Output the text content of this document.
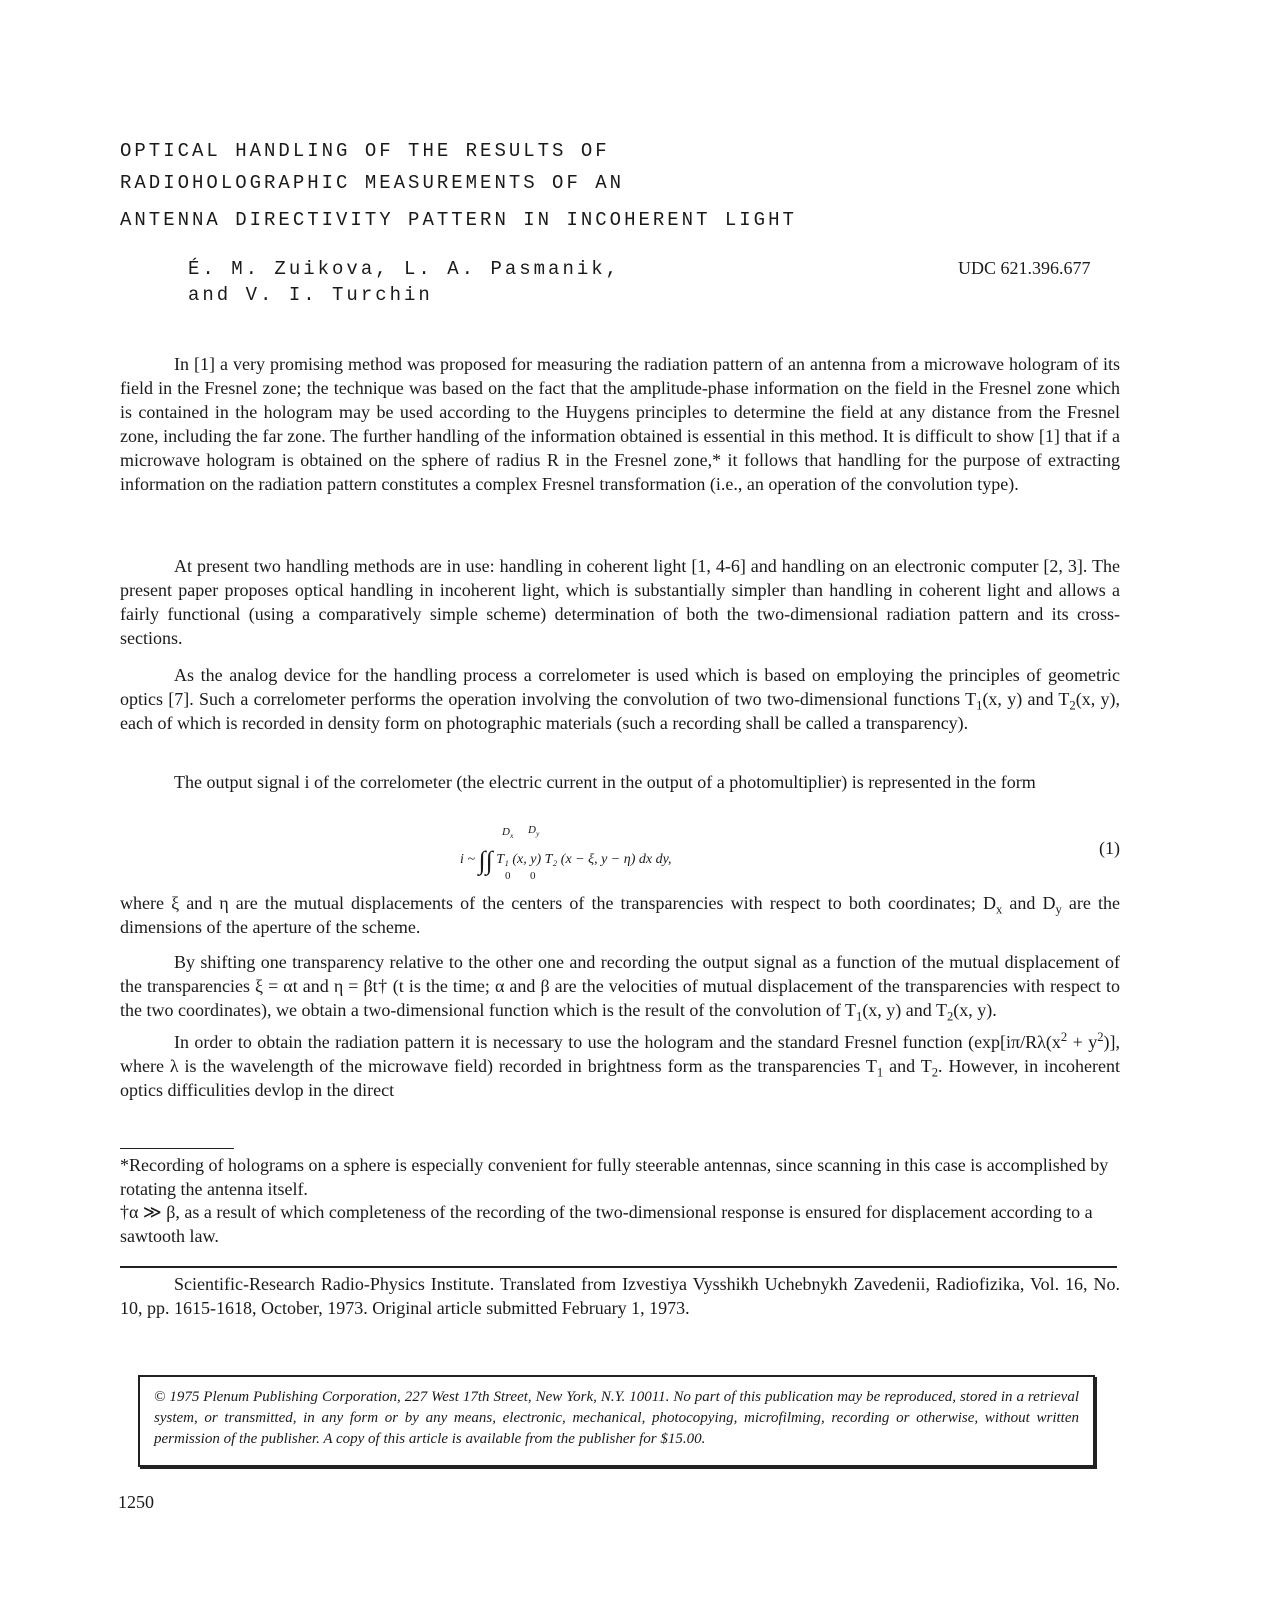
OPTICAL HANDLING OF THE RESULTS OF
RADIOHOLOGRAPHIC MEASUREMENTS OF AN
ANTENNA DIRECTIVITY PATTERN IN INCOHERENT LIGHT
É. M. Zuikova, L. A. Pasmanik,
and V. I. Turchin
UDC 621.396.677

In [1] a very promising method was proposed for measuring the radiation pattern of an antenna from a microwave hologram of its field in the Fresnel zone; the technique was based on the fact that the amplitude-phase information on the field in the Fresnel zone which is contained in the hologram may be used according to the Huygens principles to determine the field at any distance from the Fresnel zone, including the far zone. The further handling of the information obtained is essential in this method. It is difficult to show [1] that if a microwave hologram is obtained on the sphere of radius R in the Fresnel zone,* it follows that handling for the purpose of extracting information on the radiation pattern constitutes a complex Fresnel transformation (i.e., an operation of the convolution type).

At present two handling methods are in use: handling in coherent light [1, 4-6] and handling on an electronic computer [2, 3]. The present paper proposes optical handling in incoherent light, which is substantially simpler than handling in coherent light and allows a fairly functional (using a comparatively simple scheme) determination of both the two-dimensional radiation pattern and its cross-sections.

As the analog device for the handling process a correlometer is used which is based on employing the principles of geometric optics [7]. Such a correlometer performs the operation involving the convolution of two two-dimensional functions $T_1(x$, y) and $T_2(x$, y), each of which is recorded in density form on photographic materials (such a recording shall be called a transparency).

The output signal i of the correlometer (the electric current in the output of a photomultiplier) is represented in the form

$D_x$ $D_y$
0 0
i ~ ∫∫ T₁ (x, y) T₂ (x − ξ, y − η) dx dy,
(1)

where ξ and η are the mutual displacements of the centers of the transparencies with respect to both coordinates; $D_x$ and $D_y$ are the dimensions of the aperture of the scheme.

By shifting one transparency relative to the other one and recording the output signal as a function of the mutual displacement of the transparencies ξ = αt and η = βt† (t is the time; α and β are the velocities of mutual displacement of the transparencies with respect to the two coordinates), we obtain a two-dimensional function which is the result of the convolution of $T_1(x$, y) and $T_2(x$, y).

In order to obtain the radiation pattern it is necessary to use the hologram and the standard Fresnel function ($\exp[i\pi/R\lambda(x^2 + y^2)]$, where λ is the wavelength of the microwave field) recorded in brightness form as the transparencies $T_1$ and $T_2$. However, in incoherent optics difficulities devlop in the direct

*Recording of holograms on a sphere is especially convenient for fully steerable antennas, since scanning in this case is accomplished by rotating the antenna itself.

†α ≫ β, as a result of which completeness of the recording of the two-dimensional response is ensured for displacement according to a sawtooth law.

Scientific-Research Radio-Physics Institute. Translated from Izvestiya Vysshikh Uchebnykh Zavedenii, Radiofizika, Vol. 16, No. 10, pp. 1615-1618, October, 1973. Original article submitted February 1, 1973.

© 1975 Plenum Publishing Corporation, 227 West 17th Street, New York, N.Y. 10011. No part of this publication may be reproduced, stored in a retrieval system, or transmitted, in any form or by any means, electronic, mechanical, photocopying, microfilming, recording or otherwise, without written permission of the publisher. A copy of this article is available from the publisher for $15.00.

1250
